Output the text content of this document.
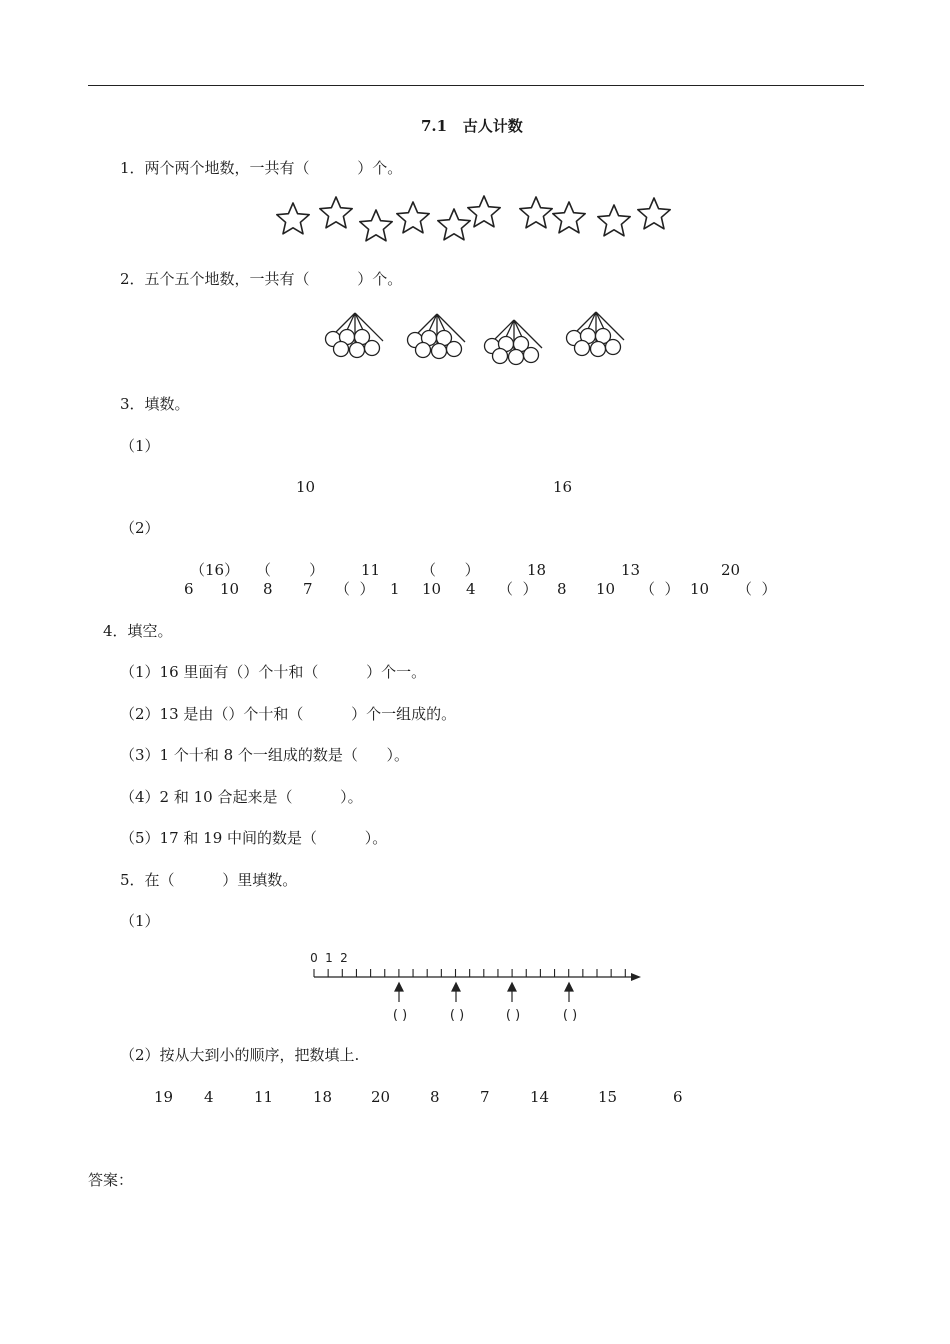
7.1   古人计数
1．两个两个地数，一共有（          ）个。
2．五个五个地数，一共有（          ）个。
3．填数。
（1）
10	16
（2）
（16） （        ） 11	（      ）	18	13	20
6 10 8 7 （  ） 1 10 4 （  ） 8 10 （  ） 10 （  ）
4．填空。
（1）16 里面有（）个十和（          ）个一。
（2）13 是由（）个十和（          ）个一组成的。
（3）1 个十和 8 个一组成的数是（      ）。
（4）2 和 10 合起来是（          ）。
（5）17 和 19 中间的数是（          ）。
5．在（          ）里填数。
（1）
0 1 2
( )	( )	( )	( )
（2）按从大到小的顺序，把数填上.
19 4	11	18	20	8	7	14	15	6
答案：
